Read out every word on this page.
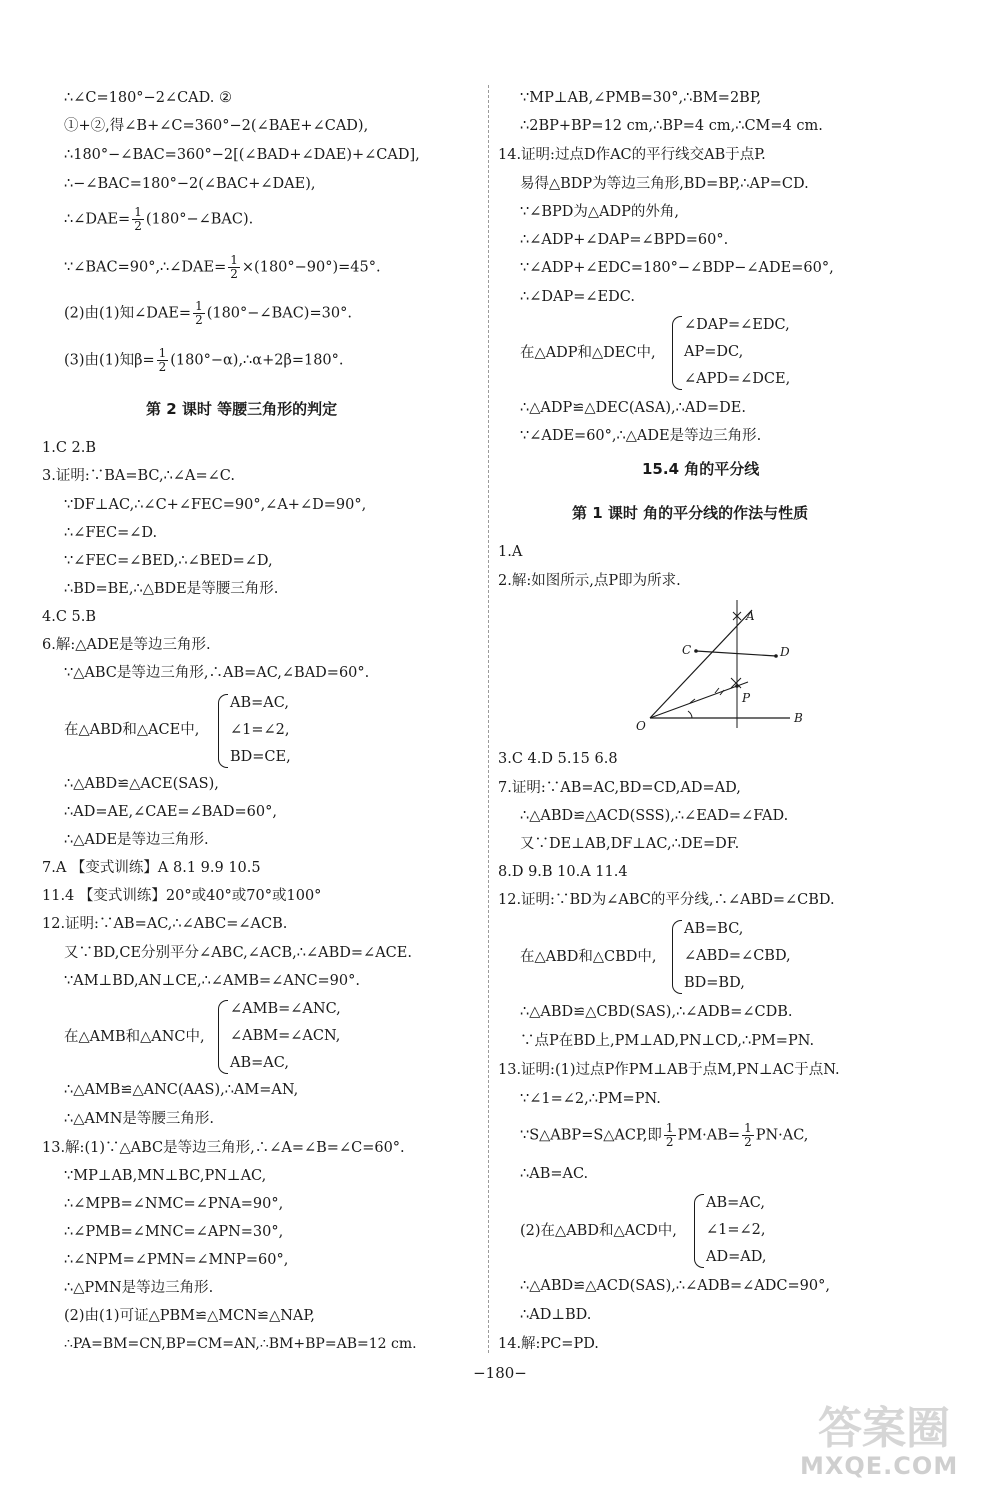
∴∠C=180°−2∠CAD. ②
①+②,得∠B+∠C=360°−2(∠BAE+∠CAD),
∴180°−∠BAC=360°−2[(∠BAD+∠DAE)+∠CAD],
∴−∠BAC=180°−2(∠BAC+∠DAE),
∴∠DAE= $\frac{1}{2}$ (180°−∠BAC).
∵∠BAC=90°,∴∠DAE= $\frac{1}{2} \times(180^\circ-90^\circ)=45^\circ$.
(2)由(1)知∠DAE= $\frac{1}{2}$ (180°−∠BAC)=30°.
(3)由(1)知$\beta= \frac{1}{2}$ (180°−α),∴α+2β=180°.
第 2 课时 等腰三角形的判定
1.C 2.B
3.证明:∵BA=BC,∴∠A=∠C.
∵DF⊥AC,∴∠C+∠FEC=90°,∠A+∠D=90°,
∴∠FEC=∠D.
∵∠FEC=∠BED,∴∠BED=∠D,
∴BD=BE,∴△BDE是等腰三角形.
4.C 5.B
6.解:△ADE是等边三角形.
∵△ABC是等边三角形,∴AB=AC,∠BAD=60°.
在△ABD和△ACE中,
AB=AC,
∠1=∠2,
BD=CE,
∴△ABD≌△ACE(SAS),
∴AD=AE,∠CAE=∠BAD=60°,
∴△ADE是等边三角形.
7.A 【变式训练】A 8.1 9.9 10.5
11.4 【变式训练】20°或40°或70°或100°
12.证明:∵AB=AC,∴∠ABC=∠ACB.
又∵BD,CE分别平分∠ABC,∠ACB,∴∠ABD=∠ACE.
∵AM⊥BD,AN⊥CE,∴∠AMB=∠ANC=90°.
在△AMB和△ANC中,
∠AMB=∠ANC,
∠ABM=∠ACN,
AB=AC,
∴△AMB≌△ANC(AAS),∴AM=AN,
∴△AMN是等腰三角形.
13.解:(1)∵△ABC是等边三角形,∴∠A=∠B=∠C=60°.
∵MP⊥AB,MN⊥BC,PN⊥AC,
∴∠MPB=∠NMC=∠PNA=90°,
∴∠PMB=∠MNC=∠APN=30°,
∴∠NPM=∠PMN=∠MNP=60°,
∴△PMN是等边三角形.
(2)由(1)可证△PBM≌△MCN≌△NAP,
∴PA=BM=CN,BP=CM=AN,∴BM+BP=AB=12 cm.
∵MP⊥AB,∠PMB=30°,∴BM=2BP,
∴2BP+BP=12 cm,∴BP=4 cm,∴CM=4 cm.
14.证明:过点D作AC的平行线交AB于点P.
易得△BDP为等边三角形,BD=BP,∴AP=CD.
∵∠BPD为△ADP的外角,
∴∠ADP+∠DAP=∠BPD=60°.
∵∠ADP+∠EDC=180°−∠BDP−∠ADE=60°,
∴∠DAP=∠EDC.
在△ADP和△DEC中,
∠DAP=∠EDC,
AP=DC,
∠APD=∠DCE,
∴△ADP≌△DEC(ASA),∴AD=DE.
∵∠ADE=60°,∴△ADE是等边三角形.
15.4 角的平分线
第 1 课时 角的平分线的作法与性质
1.A
2.解:如图所示,点P即为所求.
3.C 4.D 5.15 6.8
7.证明:∵AB=AC,BD=CD,AD=AD,
∴△ABD≌△ACD(SSS),∴∠EAD=∠FAD.
又∵DE⊥AB,DF⊥AC,∴DE=DF.
8.D 9.B 10.A 11.4
12.证明:∵BD为∠ABC的平分线,∴∠ABD=∠CBD.
在△ABD和△CBD中,
AB=BC,
∠ABD=∠CBD,
BD=BD,
∴△ABD≌△CBD(SAS),∴∠ADB=∠CDB.
∵点P在BD上,PM⊥AD,PN⊥CD,∴PM=PN.
13.证明:(1)过点P作PM⊥AB于点M,PN⊥AC于点N.
∵∠1=∠2,∴PM=PN.
∵S△ABP=S△ACP,即 $\frac{1}{2} PM\cdot AB= \frac{1}{2} PN\cdot AC$,
∴AB=AC.
(2)在△ABD和△ACD中,
AB=AC,
∠1=∠2,
AD=AD,
∴△ABD≌△ACD(SAS),∴∠ADB=∠ADC=90°,
∴AD⊥BD.
14.解:PC=PD.
A
C	D
P
O
B
−180−
答案圈
MXQE.COM
